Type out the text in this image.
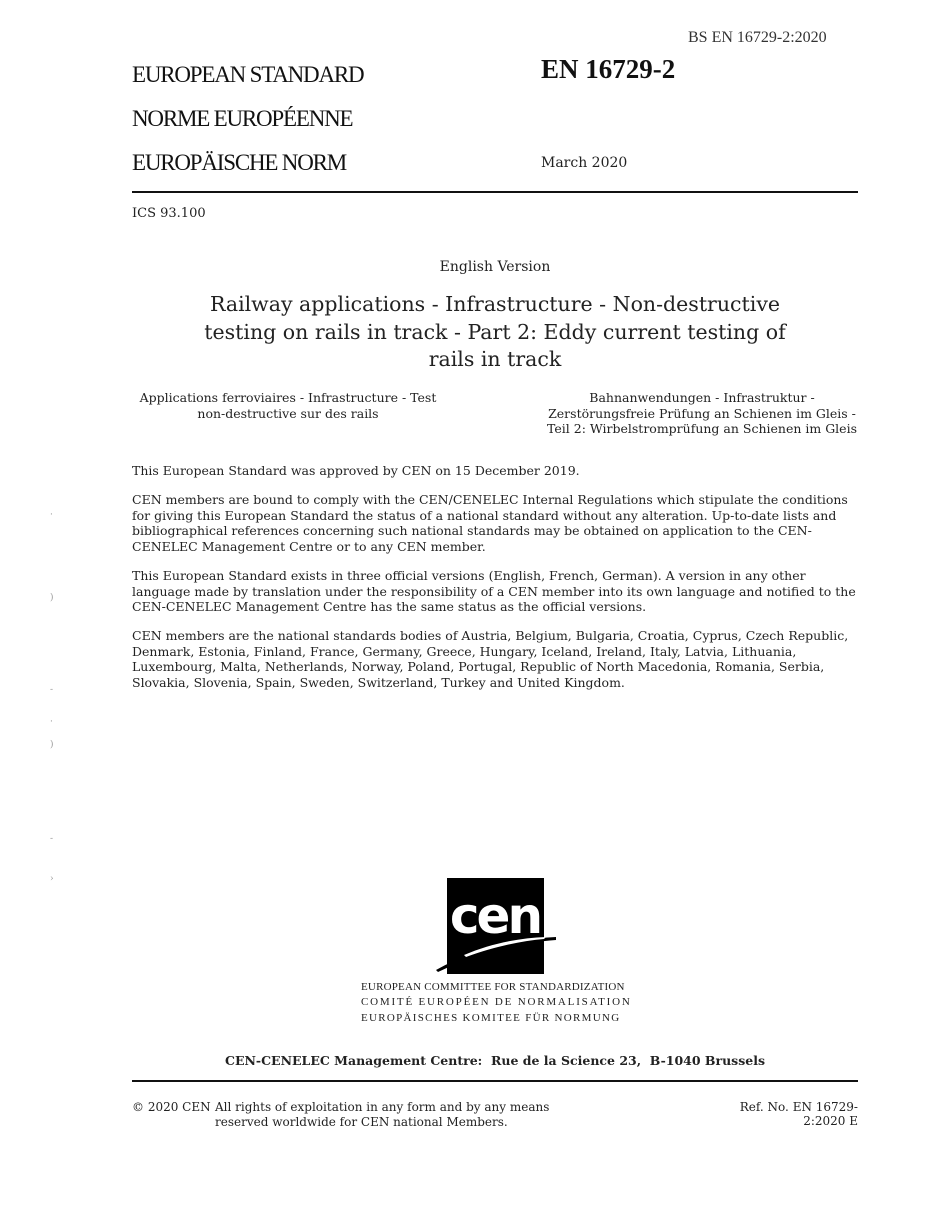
BS EN 16729-2:2020
EUROPEAN STANDARD
NORME EUROPÉENNE
EUROPÄISCHE NORM
EN 16729-2
March 2020
ICS 93.100
English Version
Railway applications - Infrastructure - Non-destructive testing on rails in track - Part 2: Eddy current testing of rails in track
Applications ferroviaires - Infrastructure - Test non-destructive sur des rails
Bahnanwendungen - Infrastruktur - Zerstörungsfreie Prüfung an Schienen im Gleis - Teil 2: Wirbelstromprüfung an Schienen im Gleis
This European Standard was approved by CEN on 15 December 2019.
CEN members are bound to comply with the CEN/CENELEC Internal Regulations which stipulate the conditions for giving this European Standard the status of a national standard without any alteration. Up-to-date lists and bibliographical references concerning such national standards may be obtained on application to the CEN-CENELEC Management Centre or to any CEN member.
This European Standard exists in three official versions (English, French, German). A version in any other language made by translation under the responsibility of a CEN member into its own language and notified to the CEN-CENELEC Management Centre has the same status as the official versions.
CEN members are the national standards bodies of Austria, Belgium, Bulgaria, Croatia, Cyprus, Czech Republic, Denmark, Estonia, Finland, France, Germany, Greece, Hungary, Iceland, Ireland, Italy, Latvia, Lithuania, Luxembourg, Malta, Netherlands, Norway, Poland, Portugal, Republic of North Macedonia, Romania, Serbia, Slovakia, Slovenia, Spain, Sweden, Switzerland, Turkey and United Kingdom.
·
)
-
·
)
-
›
cen
EUROPEAN COMMITTEE FOR STANDARDIZATION
COMITÉ EUROPÉEN DE NORMALISATION
EUROPÄISCHES KOMITEE FÜR NORMUNG
CEN-CENELEC Management Centre:  Rue de la Science 23,  B-1040 Brussels
© 2020 CEN All rights of exploitation in any form and by any means reserved worldwide for CEN national Members.
Ref. No. EN 16729-2:2020 E
